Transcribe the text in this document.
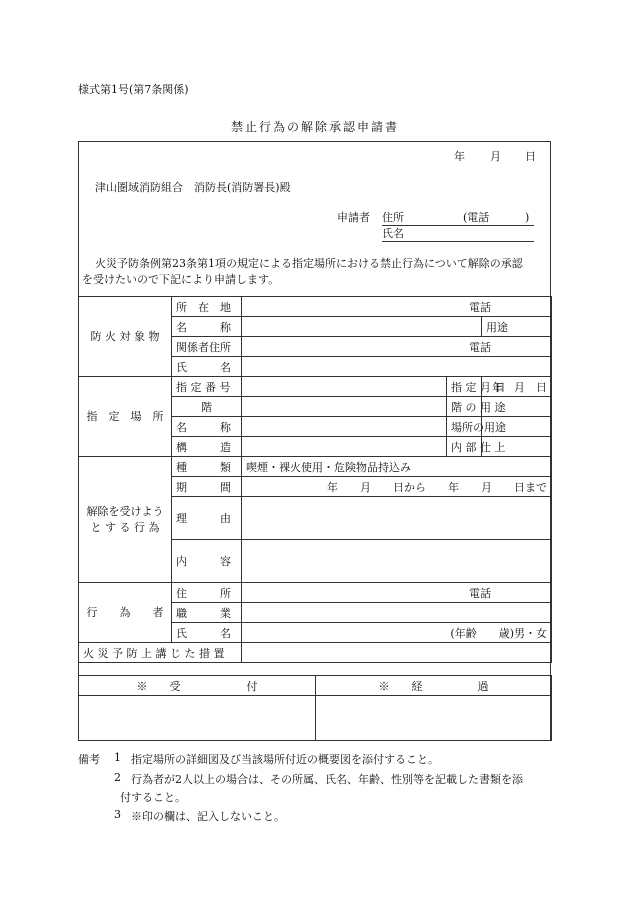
様式第1号(第7条関係)
禁止行為の解除承認申請書
年 月 日
津山圏域消防組合　消防長(消防署長)殿
申請者 住所	(電話	)
氏名
火災予防条例第23条第1項の規定による指定場所における禁止行為について解除の承認
を受けたいので下記により申請します。
防 火 対 象 物	所　在　地	電話			
	名　　　称			用途	
	関係者住所	電話			
	氏　　　名				
指　定　場　所	指 定 番 号		指 定 月 日	年　月　日	
	階		階 の 用 途		
	名　　　称		場所の用途		
	構　　　造		内 部 仕 上		
解除を受けよう
と す る 行 為	種　　　類	喫煙・裸火使用・危険物品持込み			
	期　　　間	年　　月　　日から　　年　　月　　日まで			
	理　　　由				
	内　　　容				
行　　為　　者	住　　　所	電話			
	職　　　業				
	氏　　　名	(年齢　　歳)男・女			
火 災 予 防 上 講 じ た 措 置					
※　　受　　　　　　付	※　　経　　　　　過

備考 1 指定場所の詳細図及び当該場所付近の概要図を添付すること。
2 行為者が2人以上の場合は、その所属、氏名、年齢、性別等を記載した書類を添
付すること。
3 ※印の欄は、記入しないこと。
